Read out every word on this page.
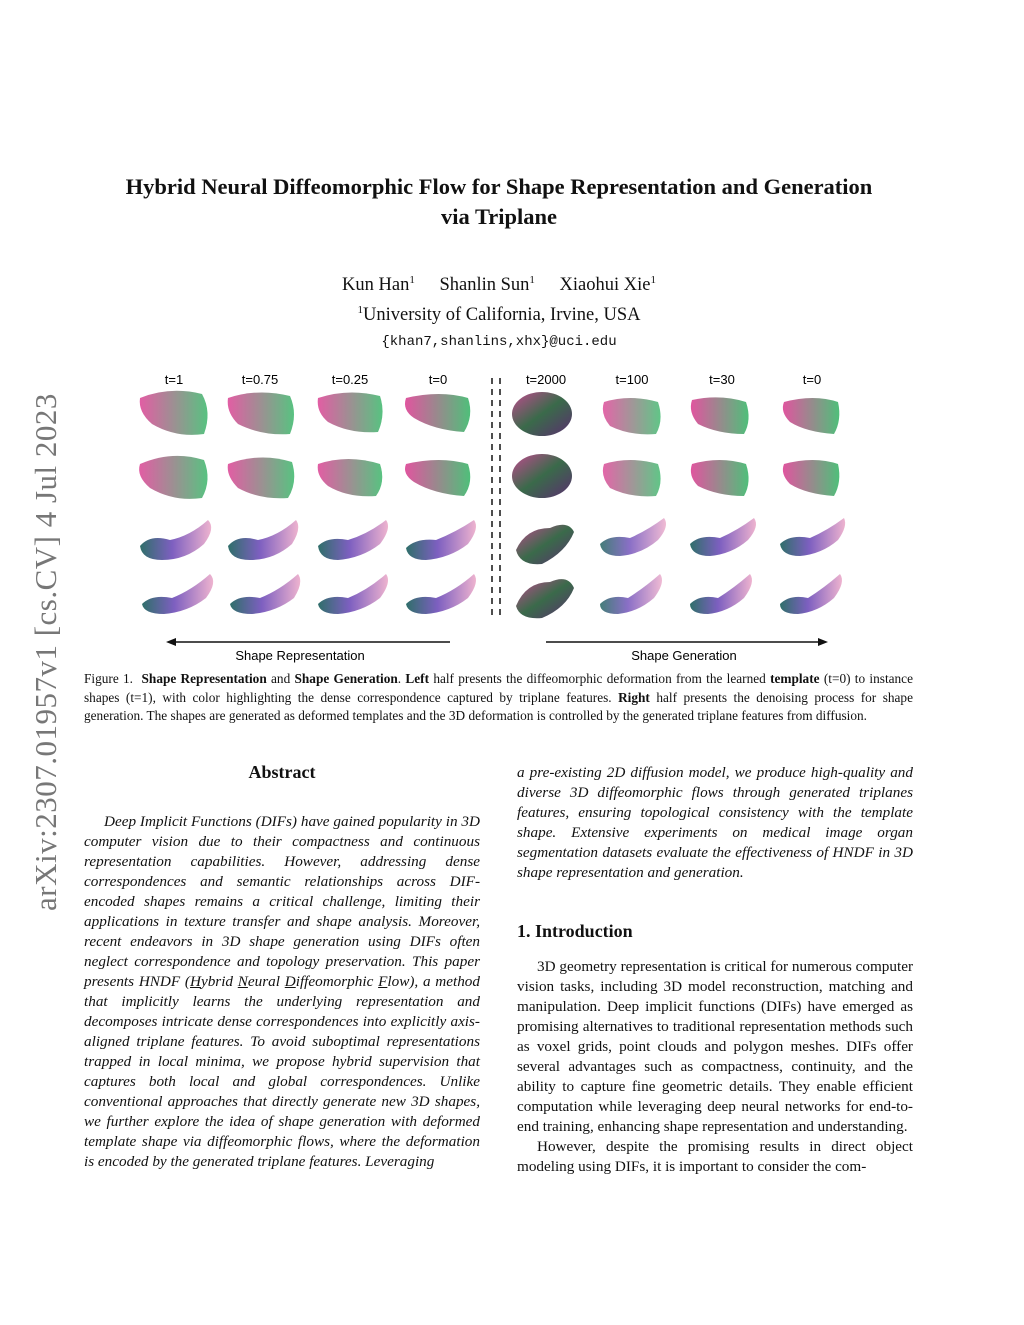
arXiv:2307.01957v1 [cs.CV] 4 Jul 2023
Hybrid Neural Diffeomorphic Flow for Shape Representation and Generation
via Triplane
Kun Han$^1$ Shanlin Sun$^1$ Xiaohui Xie$^1$
$^1$University of California, Irvine, USA
{khan7,shanlins,xhx}@uci.edu
t=1	t=0.75	t=0.25	t=0	t=2000	t=100	t=30	t=0
Shape Representation	Shape Generation
Figure 1. Shape Representation and Shape Generation. Left half presents the diffeomorphic deformation from the learned template (t=0) to instance shapes (t=1), with color highlighting the dense correspondence captured by triplane features. Right half presents the denoising process for shape generation. The shapes are generated as deformed templates and the 3D deformation is controlled by the generated triplane features from diffusion.
Abstract
Deep Implicit Functions (DIFs) have gained popularity in 3D computer vision due to their compactness and continuous representation capabilities. However, addressing dense correspondences and semantic relationships across DIF-encoded shapes remains a critical challenge, limiting their applications in texture transfer and shape analysis. Moreover, recent endeavors in 3D shape generation using DIFs often neglect correspondence and topology preservation. This paper presents HNDF (Hybrid Neural Diffeomorphic Flow), a method that implicitly learns the underlying representation and decomposes intricate dense correspondences into explicitly axis-aligned triplane features. To avoid suboptimal representations trapped in local minima, we propose hybrid supervision that captures both local and global correspondences. Unlike conventional approaches that directly generate new 3D shapes, we further explore the idea of shape generation with deformed template shape via diffeomorphic flows, where the deformation is encoded by the generated triplane features. Leveraging
a pre-existing 2D diffusion model, we produce high-quality and diverse 3D diffeomorphic flows through generated triplanes features, ensuring topological consistency with the template shape. Extensive experiments on medical image organ segmentation datasets evaluate the effectiveness of HNDF in 3D shape representation and generation.
1. Introduction

3D geometry representation is critical for numerous computer vision tasks, including 3D model reconstruction, matching and manipulation. Deep implicit functions (DIFs) have emerged as promising alternatives to traditional representation methods such as voxel grids, point clouds and polygon meshes. DIFs offer several advantages such as compactness, continuity, and the ability to capture fine geometric details. They enable efficient computation while leveraging deep neural networks for end-to-end training, enhancing shape representation and understanding.

However, despite the promising results in direct object modeling using DIFs, it is important to consider the com-
